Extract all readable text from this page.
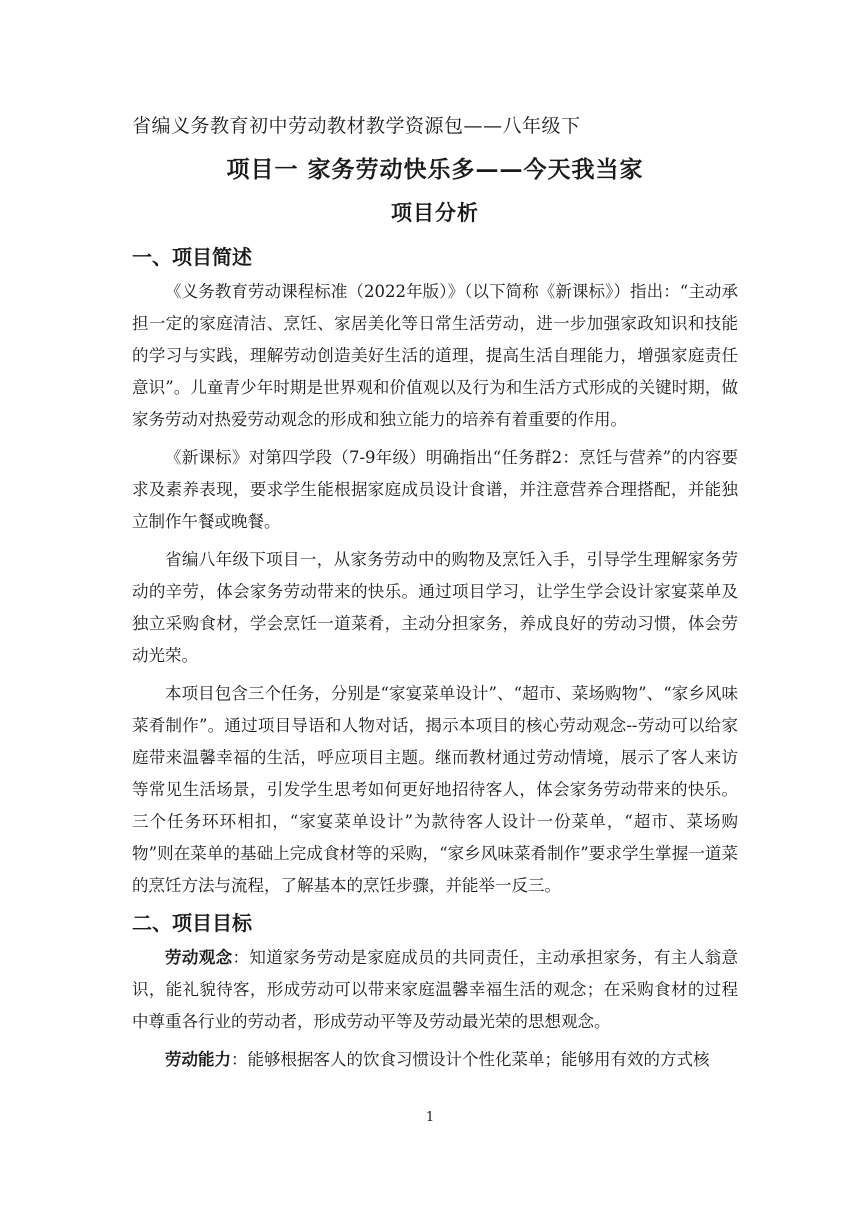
省编义务教育初中劳动教材教学资源包——八年级下
项目一 家务劳动快乐多——今天我当家
项目分析
一、项目简述

《义务教育劳动课程标准（2022年版）》（以下简称《新课标》）指出：“主动承担一定的家庭清洁、烹饪、家居美化等日常生活劳动，进一步加强家政知识和技能的学习与实践，理解劳动创造美好生活的道理，提高生活自理能力，增强家庭责任意识”。儿童青少年时期是世界观和价值观以及行为和生活方式形成的关键时期，做家务劳动对热爱劳动观念的形成和独立能力的培养有着重要的作用。

《新课标》对第四学段（7-9年级）明确指出“任务群2：烹饪与营养”的内容要求及素养表现，要求学生能根据家庭成员设计食谱，并注意营养合理搭配，并能独立制作午餐或晚餐。

省编八年级下项目一，从家务劳动中的购物及烹饪入手，引导学生理解家务劳动的辛劳，体会家务劳动带来的快乐。通过项目学习，让学生学会设计家宴菜单及独立采购食材，学会烹饪一道菜肴，主动分担家务，养成良好的劳动习惯，体会劳动光荣。

本项目包含三个任务，分别是“家宴菜单设计”、“超市、菜场购物”、“家乡风味菜肴制作”。通过项目导语和人物对话，揭示本项目的核心劳动观念--劳动可以给家庭带来温馨幸福的生活，呼应项目主题。继而教材通过劳动情境，展示了客人来访等常见生活场景，引发学生思考如何更好地招待客人，体会家务劳动带来的快乐。三个任务环环相扣，“家宴菜单设计”为款待客人设计一份菜单，“超市、菜场购物”则在菜单的基础上完成食材等的采购，“家乡风味菜肴制作”要求学生掌握一道菜的烹饪方法与流程，了解基本的烹饪步骤，并能举一反三。

二、项目目标

劳动观念：知道家务劳动是家庭成员的共同责任，主动承担家务，有主人翁意识，能礼貌待客，形成劳动可以带来家庭温馨幸福生活的观念；在采购食材的过程中尊重各行业的劳动者，形成劳动平等及劳动最光荣的思想观念。

劳动能力：能够根据客人的饮食习惯设计个性化菜单；能够用有效的方式核

1
